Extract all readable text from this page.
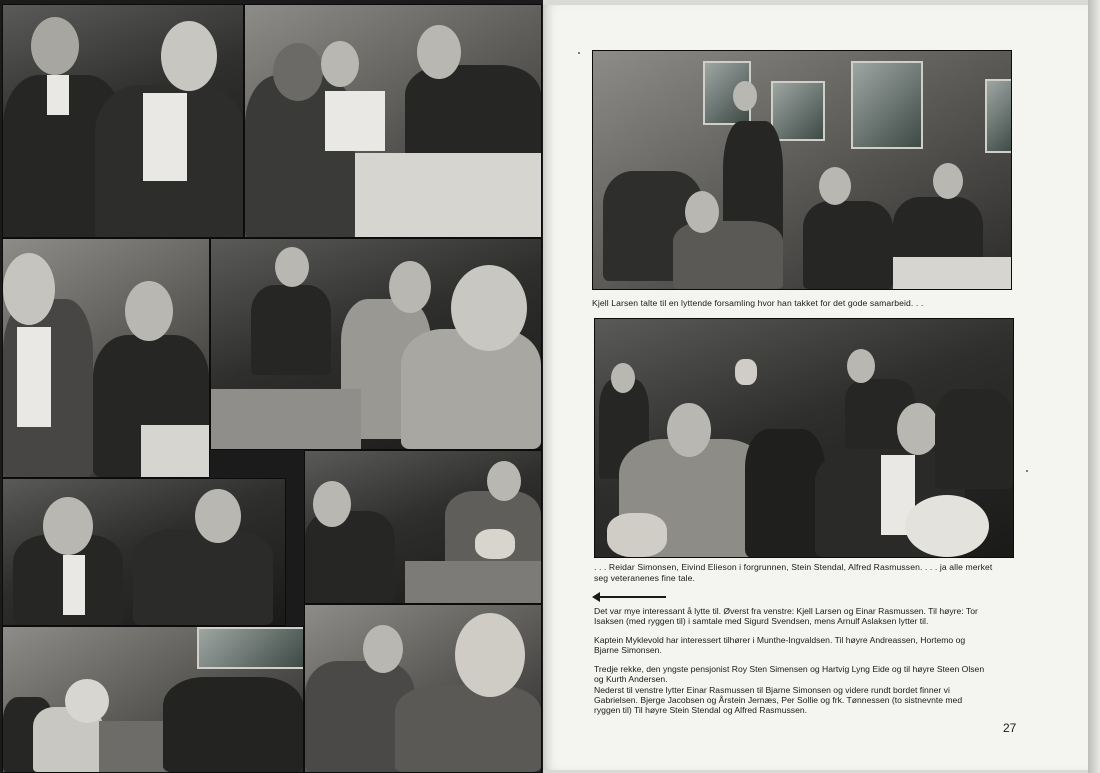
Kjell Larsen talte til en lyttende forsamling hvor han takket for det gode samarbeid. . .
. . . Reidar Simonsen, Eivind Elieson i forgrunnen, Stein Stendal, Alfred Rasmussen. . . . ja alle merket
seg veteranenes fine tale.
Det var mye interessant å lytte til. Øverst fra venstre: Kjell Larsen og Einar Rasmussen. Til høyre: Tor
Isaksen (med ryggen til) i samtale med Sigurd Svendsen, mens Arnulf Aslaksen lytter til.
Kaptein Myklevold har interessert tilhører i Munthe-Ingvaldsen. Til høyre Andreassen, Hortemo og
Bjarne Simonsen.
Tredje rekke, den yngste pensjonist Roy Sten Simensen og Hartvig Lyng Eide og til høyre Steen Olsen
og Kurth Andersen.
Nederst til venstre lytter Einar Rasmussen til Bjarne Simonsen og videre rundt bordet finner vi
Gabrielsen. Bjerge Jacobsen og Årstein Jernæs, Per Sollie og frk. Tønnessen (to sistnevnte med
ryggen til) Til høyre Stein Stendal og Alfred Rasmussen.
27
